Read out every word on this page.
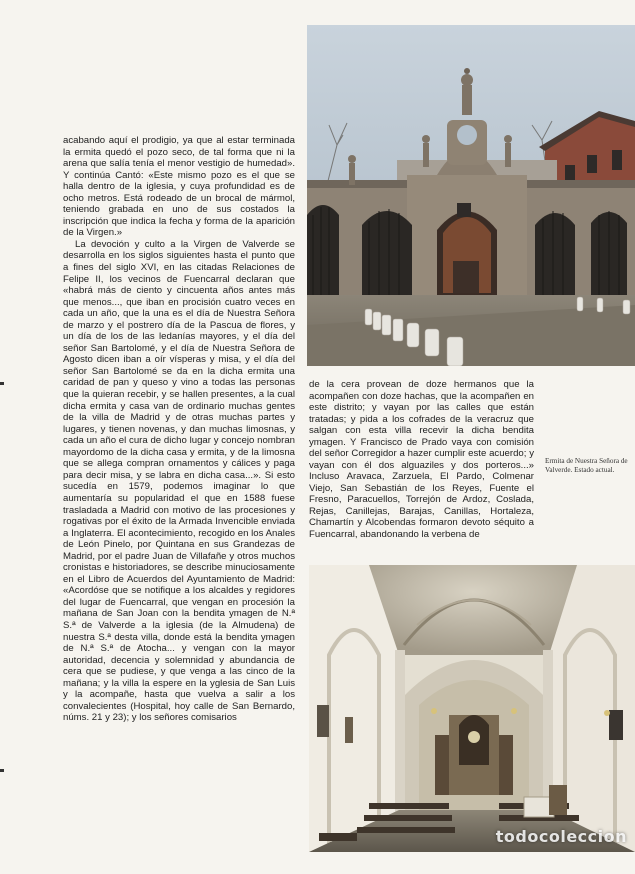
acabando aquí el prodigio, ya que al estar terminada la ermita quedó el pozo seco, de tal forma que ni la arena que salía tenía el menor vestigio de humedad». Y continúa Cantó: «Este mismo pozo es el que se halla dentro de la iglesia, y cuya profundidad es de ocho metros. Está rodeado de un brocal de mármol, teniendo grabada en uno de sus costados la inscripción que indica la fecha y forma de la aparición de la Virgen.»

La devoción y culto a la Virgen de Valverde se desarrolla en los siglos siguientes hasta el punto que a fines del siglo XVI, en las citadas Relaciones de Felipe II, los vecinos de Fuencarral declaran que «habrá más de ciento y cincuenta años antes más que menos..., que iban en procisión cuatro veces en cada un año, que la una es el día de Nuestra Señora de marzo y el postrero día de la Pascua de flores, y un día de los de las ledanías mayores, y el día del señor San Bartolomé, y el día de Nuestra Señora de Agosto dicen iban a oír vísperas y misa, y el día del señor San Bartolomé se da en la dicha ermita una caridad de pan y queso y vino a todas las personas que la quieran recebir, y se hallen presentes, a la cual dicha ermita y casa van de ordinario muchas gentes de la villa de Madrid y de otras muchas partes y lugares, y tienen novenas, y dan muchas limosnas, y cada un año el cura de dicho lugar y concejo nombran mayordomo de la dicha casa y ermita, y de la limosna que se allega compran ornamentos y cálices y paga para decir misa, y se labra en dicha casa...». Si esto sucedía en 1579, podemos imaginar lo que aumentaría su popularidad el que en 1588 fuese trasladada a Madrid con motivo de las procesiones y rogativas por el éxito de la Armada Invencible enviada a Inglaterra. El acontecimiento, recogido en los Anales de León Pinelo, por Quintana en sus Grandezas de Madrid, por el padre Juan de Villafañe y otros muchos cronistas e historiadores, se describe minuciosamente en el Libro de Acuerdos del Ayuntamiento de Madrid: «Acordóse que se notifique a los alcaldes y regidores del lugar de Fuencarral, que vengan en procesión la mañana de San Joan con la bendita ymagen de N.ª S.ª de Valverde a la iglesia (de la Almudena) de nuestra S.ª desta villa, donde está la bendita ymagen de N.ª S.ª de Atocha... y vengan con la mayor autoridad, decencia y solemnidad y abundancia de cera que se pudiese, y que venga a las cinco de la mañana; y la villa la espere en la yglesia de San Luis y la acompañe, hasta que vuelva a salir a los convalecientes (Hospital, hoy calle de San Bernardo, núms. 21 y 23); y los señores comisarios

de la cera provean de doze hermanos que la acompañen con doze hachas, que la acompañen en este distrito; y vayan por las calles que están tratadas; y pida a los cofrades de la veracruz que salgan con esta villa recevir la dicha bendita ymagen. Y Francisco de Prado vaya con comisión del señor Corregidor a hazer cumplir este acuerdo; y vayan con él dos alguaziles y dos porteros...» Incluso Aravaca, Zarzuela, El Pardo, Colmenar Viejo, San Sebastián de los Reyes, Fuente el Fresno, Paracuellos, Torrejón de Ardoz, Coslada, Rejas, Canillejas, Barajas, Canillas, Hortaleza, Chamartín y Alcobendas formaron devoto séquito a Fuencarral, abandonando la verbena de

Ermita de Nuestra Señora de Valverde. Estado actual.
todocoleccion
